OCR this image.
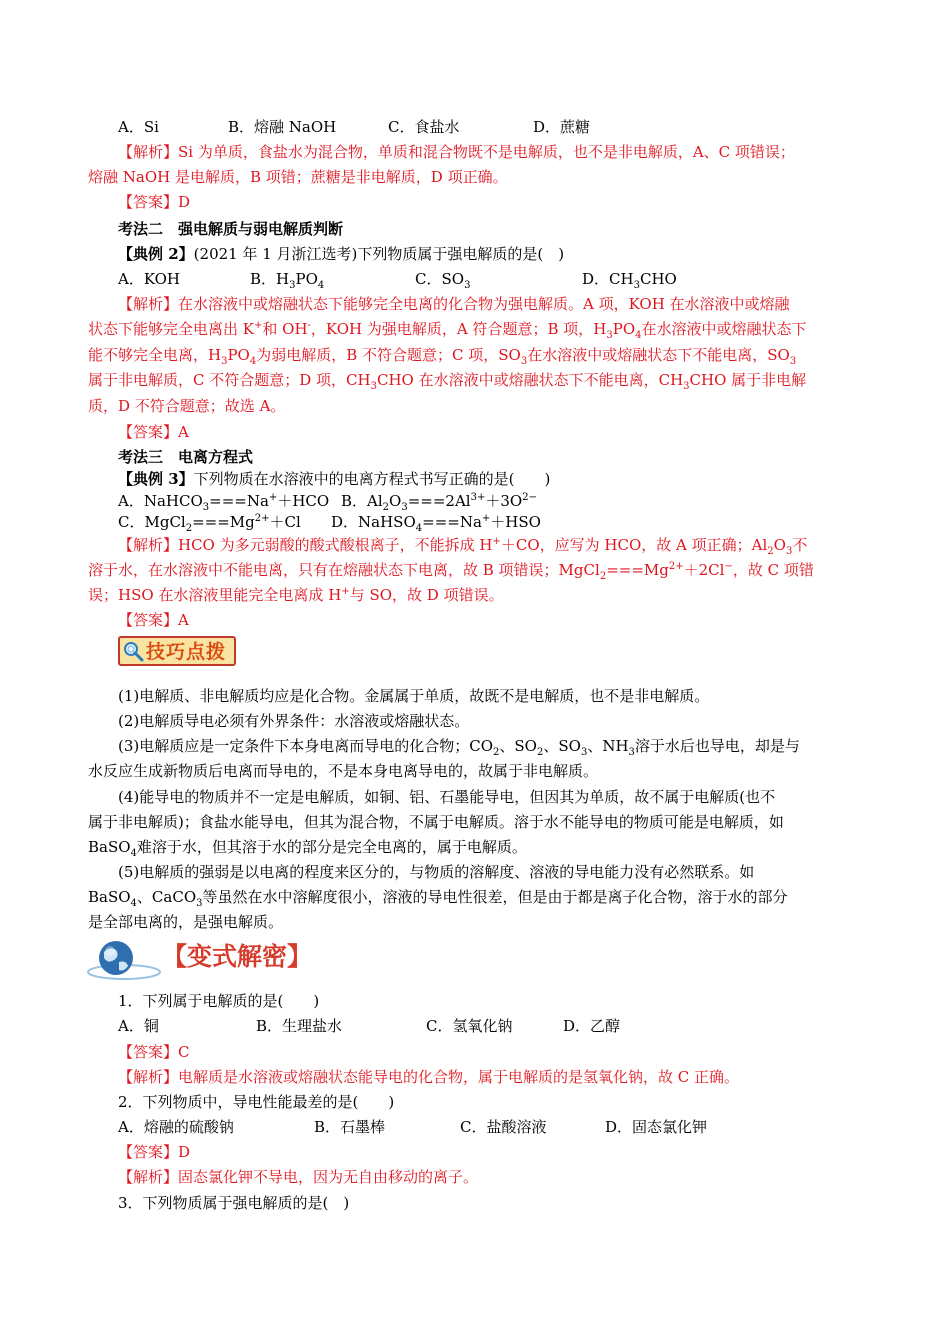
A．Si	B．熔融 NaOH	C．食盐水	D．蔗糖
【解析】Si 为单质，食盐水为混合物，单质和混合物既不是电解质，也不是非电解质，A、C 项错误；
熔融 NaOH 是电解质，B 项错；蔗糖是非电解质，D 项正确。
【答案】D
考法二　强电解质与弱电解质判断
【典例 2】(2021 年 1 月浙江选考)下列物质属于强电解质的是(　)
A．KOH	B．$H_3PO_4$	C．$SO_3$	D．$CH_3CHO$
【解析】在水溶液中或熔融状态下能够完全电离的化合物为强电解质。A 项，KOH 在水溶液中或熔融
状态下能够完全电离出 K+和 OH-，KOH 为强电解质，A 符合题意；B 项，$H_3PO_4$在水溶液中或熔融状态下
能不够完全电离，$H_3PO_4$为弱电解质，B 不符合题意；C 项，$SO_3$在水溶液中或熔融状态下不能电离，$SO_3$
属于非电解质，C 不符合题意；D 项，$CH_3CHO$ 在水溶液中或熔融状态下不能电离，$CH_3CHO$ 属于非电解
质，D 不符合题意；故选 A。
【答案】A
考法三　电离方程式
【典例 3】下列物质在水溶液中的电离方程式书写正确的是(　　)
A．NaHCO$_3$===Na+＋HCO B．$Al_2O_3===2Al^{3+}+3O^{2-}$
C．$MgCl_2===Mg^{2+}+Cl$ D．NaHSO$_4$===Na+＋HSO
【解析】HCO 为多元弱酸的酸式酸根离子，不能拆成 H+＋CO，应写为 HCO，故 A 项正确；$Al_2O_3$不
溶于水，在水溶液中不能电离，只有在熔融状态下电离，故 B 项错误；$MgCl_2===Mg^{2+}+2Cl^-$，故 C 项错
误；HSO 在水溶液里能完全电离成 H+与 SO，故 D 项错误。
【答案】A
技巧点拨
(1)电解质、非电解质均应是化合物。金属属于单质，故既不是电解质，也不是非电解质。
(2)电解质导电必须有外界条件：水溶液或熔融状态。
(3)电解质应是一定条件下本身电离而导电的化合物；$CO_2$、$SO_2$、$SO_3$、$NH_3$溶于水后也导电，却是与
水反应生成新物质后电离而导电的，不是本身电离导电的，故属于非电解质。
(4)能导电的物质并不一定是电解质，如铜、铝、石墨能导电，但因其为单质，故不属于电解质(也不
属于非电解质)；食盐水能导电，但其为混合物，不属于电解质。溶于水不能导电的物质可能是电解质，如
BaSO$_4$难溶于水，但其溶于水的部分是完全电离的，属于电解质。
(5)电解质的强弱是以电离的程度来区分的，与物质的溶解度、溶液的导电能力没有必然联系。如
BaSO$_4$、CaCO$_3$等虽然在水中溶解度很小，溶液的导电性很差，但是由于都是离子化合物，溶于水的部分
是全部电离的，是强电解质。
【变式解密】
1．下列属于电解质的是(　　)
A．铜	B．生理盐水	C．氢氧化钠	D．乙醇
【答案】C
【解析】电解质是水溶液或熔融状态能导电的化合物，属于电解质的是氢氧化钠，故 C 正确。
2．下列物质中，导电性能最差的是(　　)
A．熔融的硫酸钠	B．石墨棒	C．盐酸溶液	D．固态氯化钾
【答案】D
【解析】固态氯化钾不导电，因为无自由移动的离子。
3．下列物质属于强电解质的是(　)
